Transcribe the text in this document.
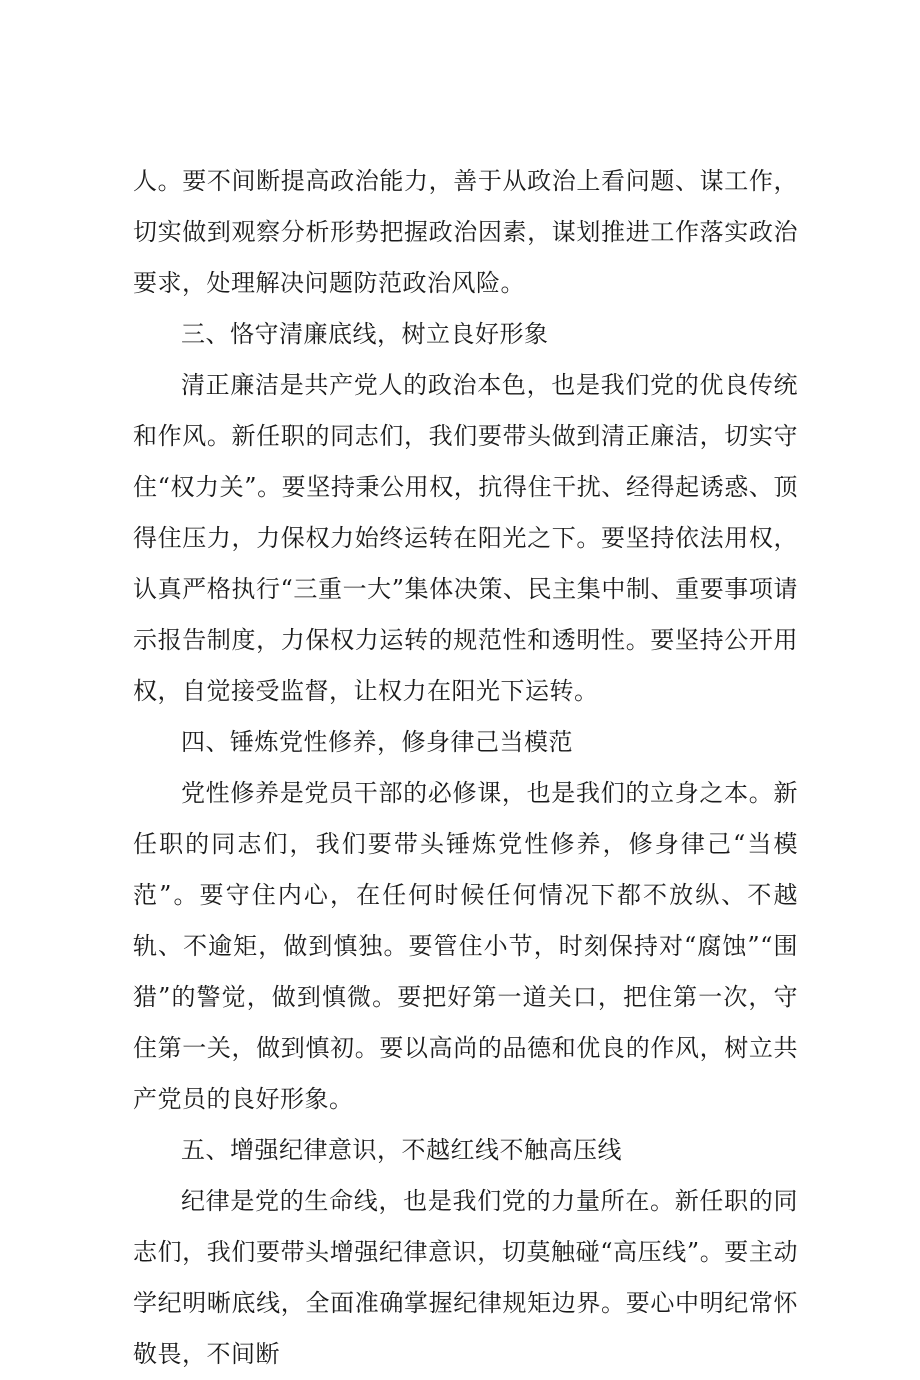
人。要不间断提高政治能力，善于从政治上看问题、谋工作，切实做到观察分析形势把握政治因素，谋划推进工作落实政治要求，处理解决问题防范政治风险。

三、恪守清廉底线，树立良好形象

清正廉洁是共产党人的政治本色，也是我们党的优良传统和作风。新任职的同志们，我们要带头做到清正廉洁，切实守住“权力关”。要坚持秉公用权，抗得住干扰、经得起诱惑、顶得住压力，力保权力始终运转在阳光之下。要坚持依法用权，认真严格执行“三重一大”集体决策、民主集中制、重要事项请示报告制度，力保权力运转的规范性和透明性。要坚持公开用权，自觉接受监督，让权力在阳光下运转。

四、锤炼党性修养，修身律己当模范

党性修养是党员干部的必修课，也是我们的立身之本。新任职的同志们，我们要带头锤炼党性修养，修身律己“当模范”。要守住内心，在任何时候任何情况下都不放纵、不越轨、不逾矩，做到慎独。要管住小节，时刻保持对“腐蚀”“围猎”的警觉，做到慎微。要把好第一道关口，把住第一次，守住第一关，做到慎初。要以高尚的品德和优良的作风，树立共产党员的良好形象。

五、增强纪律意识，不越红线不触高压线

纪律是党的生命线，也是我们党的力量所在。新任职的同志们，我们要带头增强纪律意识，切莫触碰“高压线”。要主动学纪明晰底线，全面准确掌握纪律规矩边界。要心中明纪常怀敬畏，不间断
